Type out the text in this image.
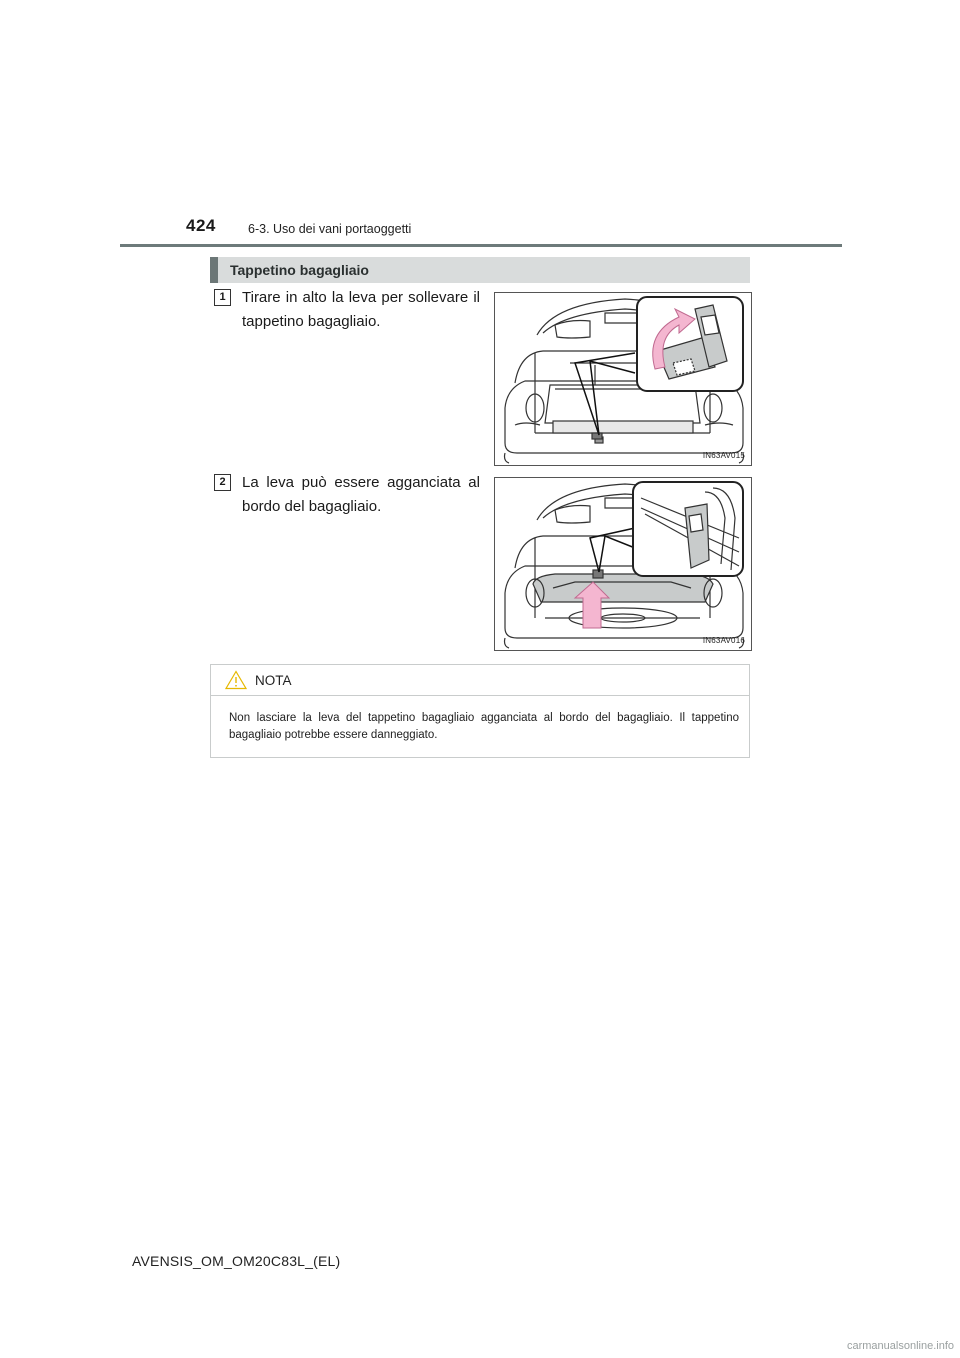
424	6-3. Uso dei vani portaoggetti
Tappetino bagagliaio
1	Tirare in alto la leva per sollevare il tappetino bagagliaio.
IN63AV015
2	La leva può essere agganciata al bordo del bagagliaio.
IN63AV016
NOTA
Non lasciare la leva del tappetino bagagliaio agganciata al bordo del bagagliaio. Il tappetino bagagliaio potrebbe essere danneggiato.
AVENSIS_OM_OM20C83L_(EL)
carmanualsonline.info
